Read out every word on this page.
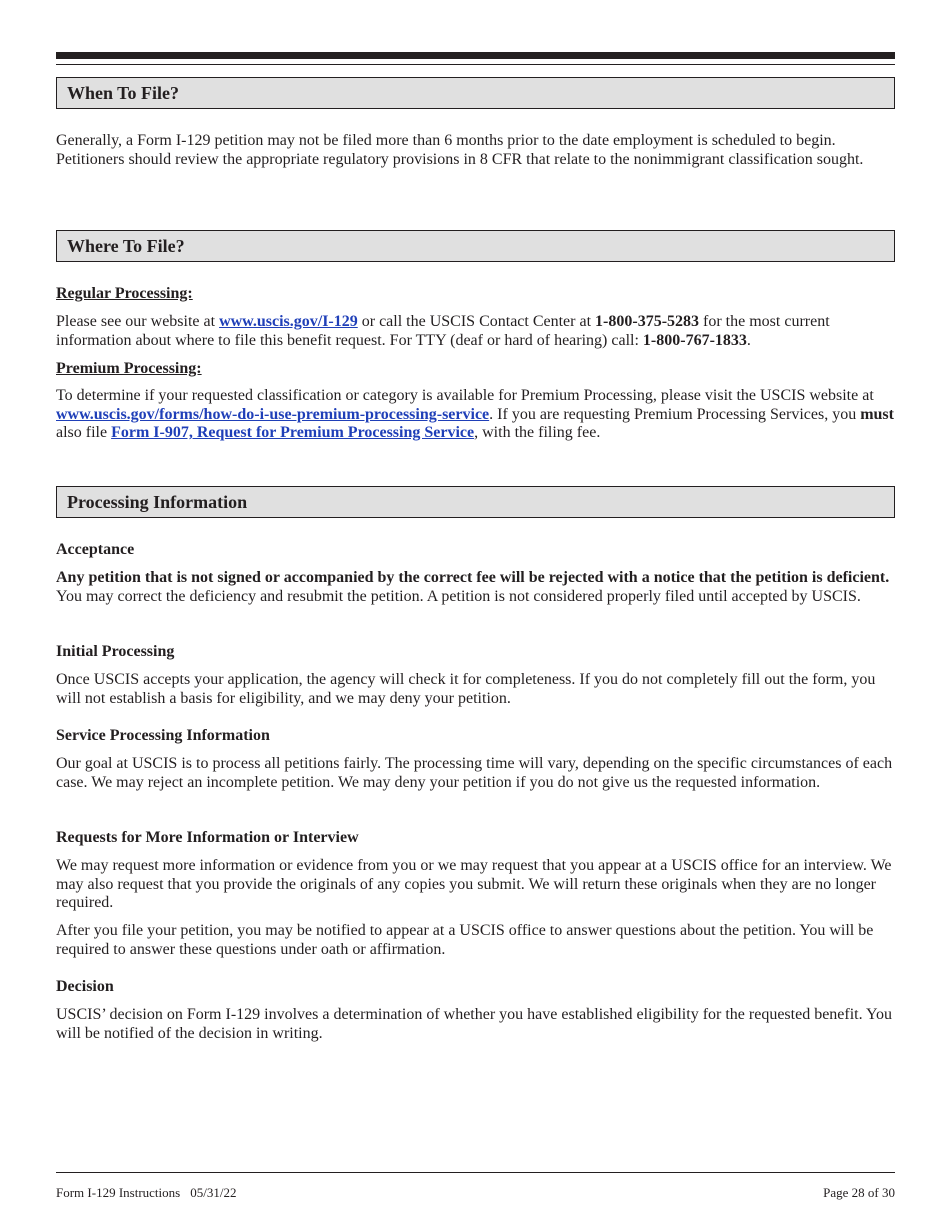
When To File?

Generally, a Form I-129 petition may not be filed more than 6 months prior to the date employment is scheduled to begin. Petitioners should review the appropriate regulatory provisions in 8 CFR that relate to the nonimmigrant classification sought.

Where To File?

Regular Processing:

Please see our website at www.uscis.gov/I-129 or call the USCIS Contact Center at 1-800-375-5283 for the most current information about where to file this benefit request. For TTY (deaf or hard of hearing) call: 1-800-767-1833.

Premium Processing:

To determine if your requested classification or category is available for Premium Processing, please visit the USCIS website at www.uscis.gov/forms/how-do-i-use-premium-processing-service. If you are requesting Premium Processing Services, you must also file Form I-907, Request for Premium Processing Service, with the filing fee.

Processing Information

Acceptance

Any petition that is not signed or accompanied by the correct fee will be rejected with a notice that the petition is deficient. You may correct the deficiency and resubmit the petition. A petition is not considered properly filed until accepted by USCIS.

Initial Processing

Once USCIS accepts your application, the agency will check it for completeness. If you do not completely fill out the form, you will not establish a basis for eligibility, and we may deny your petition.

Service Processing Information

Our goal at USCIS is to process all petitions fairly. The processing time will vary, depending on the specific circumstances of each case. We may reject an incomplete petition. We may deny your petition if you do not give us the requested information.

Requests for More Information or Interview

We may request more information or evidence from you or we may request that you appear at a USCIS office for an interview. We may also request that you provide the originals of any copies you submit. We will return these originals when they are no longer required.

After you file your petition, you may be notified to appear at a USCIS office to answer questions about the petition. You will be required to answer these questions under oath or affirmation.

Decision

USCIS’ decision on Form I-129 involves a determination of whether you have established eligibility for the requested benefit. You will be notified of the decision in writing.

Form I-129 Instructions 05/31/22	Page 28 of 30
